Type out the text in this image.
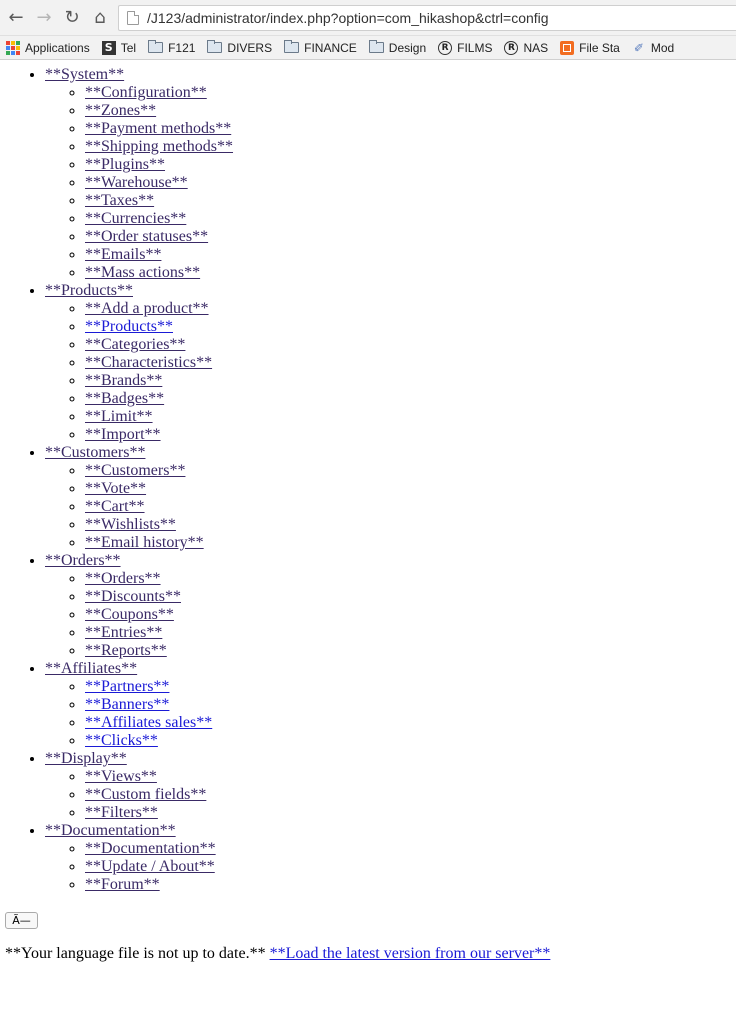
← → ↻ ⌂	/J123/administrator/index.php?option=com_hikashop&ctrl=config
Applications S Tel	F121	DIVERS	FINANCE	Design	R FILMS	R NAS	File Sta ✐ Mod
• **System**
◦ **Configuration**
◦ **Zones**
◦ **Payment methods**
◦ **Shipping methods**
◦ **Plugins**
◦ **Warehouse**
◦ **Taxes**
◦ **Currencies**
◦ **Order statuses**
◦ **Emails**
◦ **Mass actions**
• **Products**
◦ **Add a product**
◦ **Products**
◦ **Categories**
◦ **Characteristics**
◦ **Brands**
◦ **Badges**
◦ **Limit**
◦ **Import**
• **Customers**
◦ **Customers**
◦ **Vote**
◦ **Cart**
◦ **Wishlists**
◦ **Email history**
• **Orders**
◦ **Orders**
◦ **Discounts**
◦ **Coupons**
◦ **Entries**
◦ **Reports**
• **Affiliates**
◦ **Partners**
◦ **Banners**
◦ **Affiliates sales**
◦ **Clicks**
• **Display**
◦ **Views**
◦ **Custom fields**
◦ **Filters**
• **Documentation**
◦ **Documentation**
◦ **Update / About**
◦ **Forum**
Ã—
**Your language file is not up to date.** **Load the latest version from our server**
